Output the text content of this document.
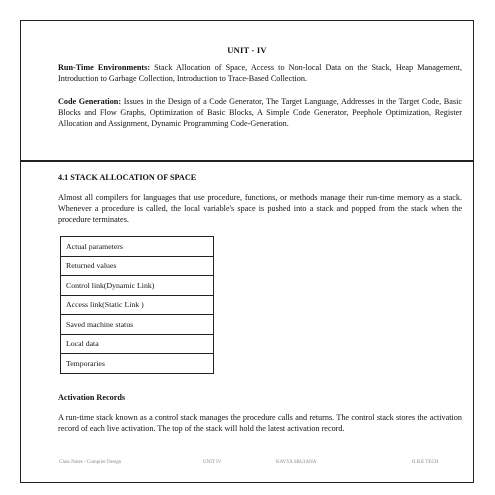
UNIT - IV

Run-Time Environments: Stack Allocation of Space, Access to Non-local Data on the Stack, Heap Management, Introduction to Garbage Collection, Introduction to Trace-Based Collection.

Code Generation: Issues in the Design of a Code Generator, The Target Language, Addresses in the Target Code, Basic Blocks and Flow Graphs, Optimization of Basic Blocks, A Simple Code Generator, Peephole Optimization, Register Allocation and Assignment, Dynamic Programming Code-Generation.

4.1 STACK ALLOCATION OF SPACE

Almost all compilers for languages that use procedure, functions, or methods manage their run-time memory as a stack. Whenever a procedure is called, the local variable's space is pushed into a stack and popped from the stack when the procedure terminates.

Actual parameters
Returned values
Control link(Dynamic Link)
Access link(Static Link )
Saved machine status
Local data
Temporaries
Activation Records

A run-time stack known as a control stack manages the procedure calls and returns. The control stack stores the activation record of each live activation. The top of the stack will hold the latest activation record.

Class Notes - Compiler Design	UNIT IV	KAVYA SRUJANA	II B.E TECH
